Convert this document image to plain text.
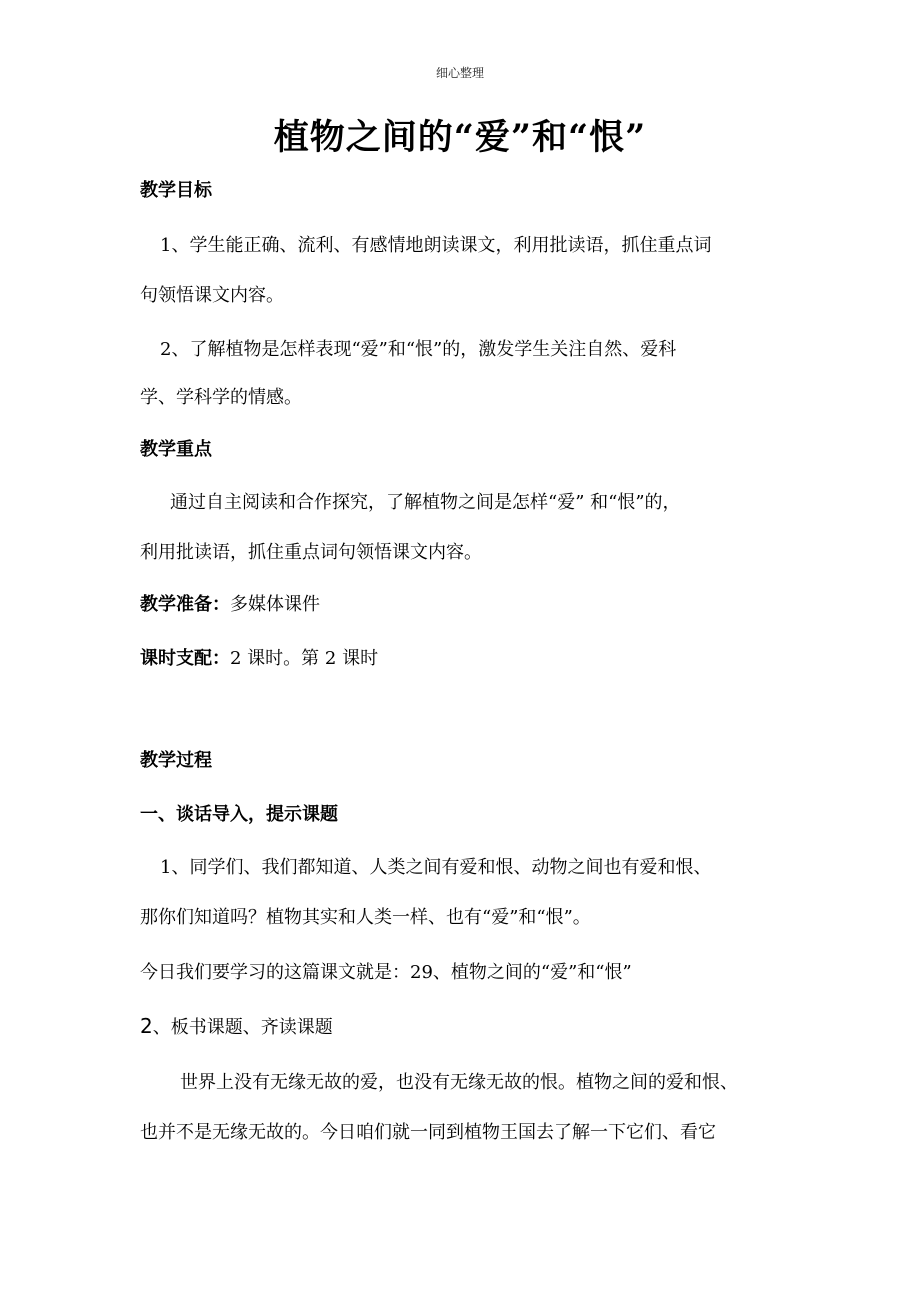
细心整理
植物之间的“爱”和“恨”
教学目标
1、学生能正确、流利、有感情地朗读课文，利用批读语，抓住重点词
句领悟课文内容。
2、了解植物是怎样表现“爱”和“恨”的，激发学生关注自然、爱科
学、学科学的情感。
教学重点
通过自主阅读和合作探究，了解植物之间是怎样“爱” 和“恨”的，
利用批读语，抓住重点词句领悟课文内容。
教学准备：多媒体课件
课时支配：2 课时。第 2 课时
教学过程
一、谈话导入，提示课题
1、同学们、我们都知道、人类之间有爱和恨、动物之间也有爱和恨、
那你们知道吗？植物其实和人类一样、也有“爱”和“恨”。
今日我们要学习的这篇课文就是：29、植物之间的“爱”和“恨”
2、板书课题、齐读课题
世界上没有无缘无故的爱，也没有无缘无故的恨。植物之间的爱和恨、
也并不是无缘无故的。今日咱们就一同到植物王国去了解一下它们、看它
